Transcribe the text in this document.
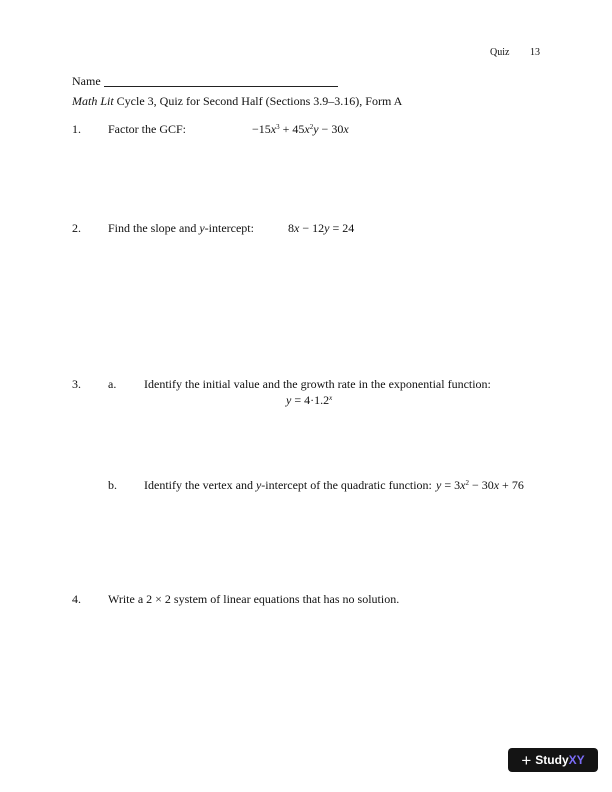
Quiz 13
Name
Math Lit Cycle 3, Quiz for Second Half (Sections 3.9–3.16), Form A
1. Factor the GCF:	$-15x^3 + 45x^2y - 30x$
2. Find the slope and y-intercept:	8x − 12y = 24
3. a. Identify the initial value and the growth rate in the exponential function:
$y = 4\cdot 1.2^x$
b. Identify the vertex and y-intercept of the quadratic function: $y = 3x^2 - 30x + 76$
4. Write a 2 × 2 system of linear equations that has no solution.
+ Study XY
